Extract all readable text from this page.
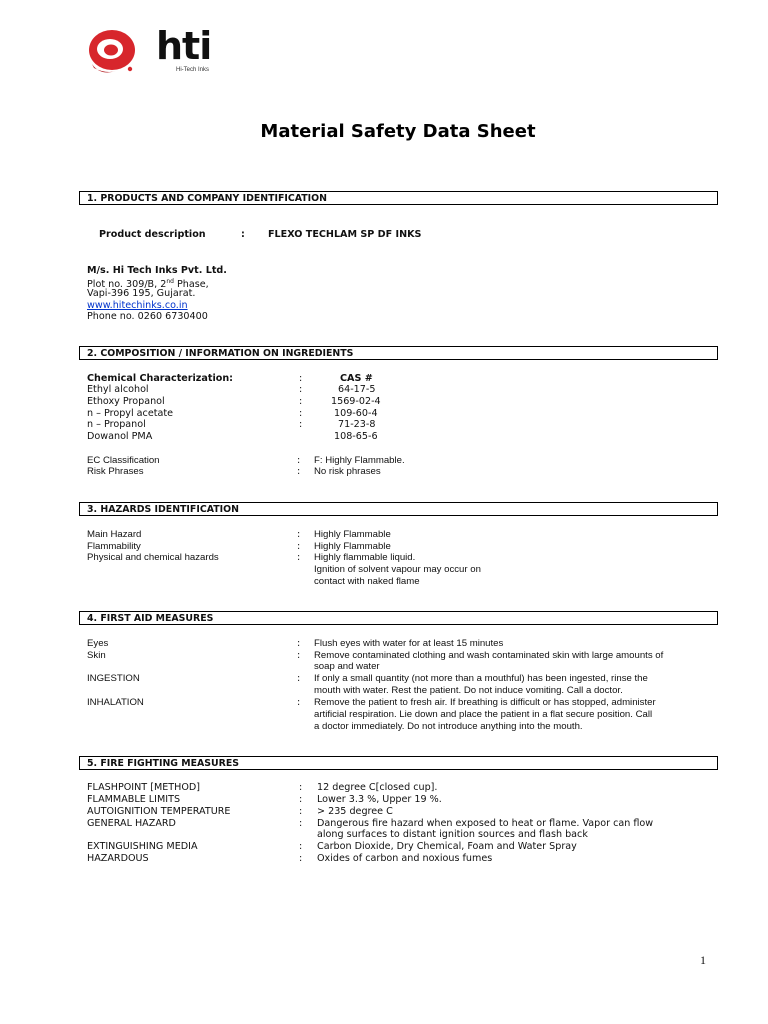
hti
Hi-Tech Inks
Material Safety Data Sheet
1. PRODUCTS AND COMPANY IDENTIFICATION
Product description	: FLEXO TECHLAM SP DF INKS
M/s. Hi Tech Inks Pvt. Ltd.
Plot no. 309/B, 2nd Phase,
Vapi-396 195, Gujarat.
www.hitechinks.co.in
Phone no. 0260 6730400
2. COMPOSITION / INFORMATION ON INGREDIENTS
Chemical Characterization:	:	CAS #
Ethyl alcohol	:	64-17-5
Ethoxy Propanol	:	1569-02-4
n – Propyl acetate	:	109-60-4
n – Propanol	:	71-23-8
Dowanol PMA	108-65-6
EC Classification	: F: Highly Flammable.
Risk Phrases	: No risk phrases
3. HAZARDS IDENTIFICATION
Main Hazard	: Highly Flammable
Flammability	: Highly Flammable
Physical and chemical hazards	: Highly flammable liquid.
Ignition of solvent vapour may occur on
contact with naked flame
4. FIRST AID MEASURES
Eyes	: Flush eyes with water for at least 15 minutes
Skin	: Remove contaminated clothing and wash contaminated skin with large amounts of
soap and water
INGESTION	: If only a small quantity (not more than a mouthful) has been ingested, rinse the
mouth with water. Rest the patient. Do not induce vomiting. Call a doctor.
INHALATION	: Remove the patient to fresh air. If breathing is difficult or has stopped, administer
artificial respiration. Lie down and place the patient in a flat secure position. Call
a doctor immediately. Do not introduce anything into the mouth.
5. FIRE FIGHTING MEASURES
FLASHPOINT [METHOD]	: 12 degree C[closed cup].
FLAMMABLE LIMITS	: Lower 3.3 %, Upper 19 %.
AUTOIGNITION TEMPERATURE	: > 235 degree C
GENERAL HAZARD	: Dangerous fire hazard when exposed to heat or flame. Vapor can flow
along surfaces to distant ignition sources and flash back
EXTINGUISHING MEDIA	: Carbon Dioxide, Dry Chemical, Foam and Water Spray
HAZARDOUS	: Oxides of carbon and noxious fumes
1
